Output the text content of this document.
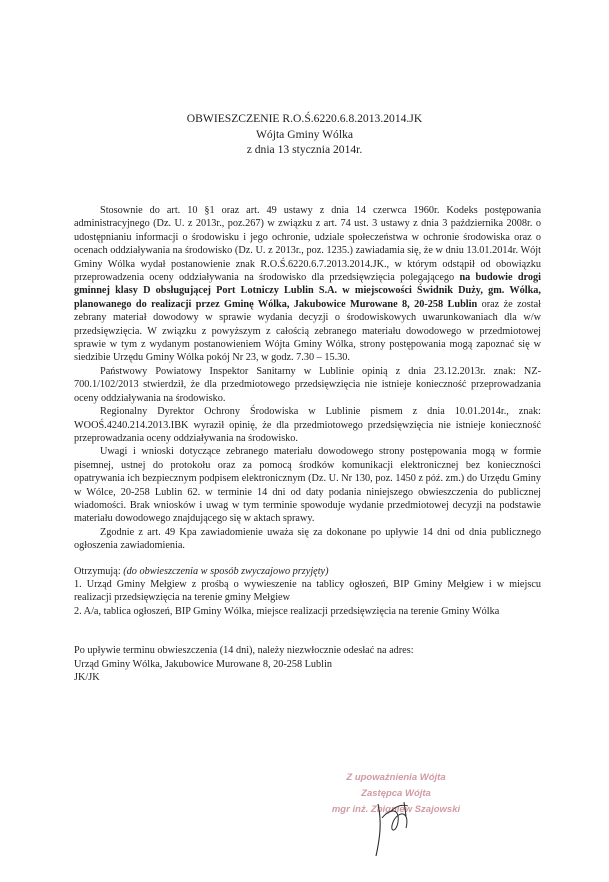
OBWIESZCZENIE R.O.Ś.6220.6.8.2013.2014.JK
Wójta Gminy Wólka
z dnia 13 stycznia 2014r.

Stosownie do art. 10 §1 oraz art. 49 ustawy z dnia 14 czerwca 1960r. Kodeks postępowania administracyjnego (Dz. U. z 2013r., poz.267) w związku z art. 74 ust. 3 ustawy z dnia 3 października 2008r. o udostępnianiu informacji o środowisku i jego ochronie, udziale społeczeństwa w ochronie środowiska oraz o ocenach oddziaływania na środowisko (Dz. U. z 2013r., poz. 1235.) zawiadamia się, że w dniu 13.01.2014r. Wójt Gminy Wólka wydał postanowienie znak R.O.Ś.6220.6.7.2013.2014.JK., w którym odstąpił od obowiązku przeprowadzenia oceny oddziaływania na środowisko dla przedsięwzięcia polegającego na budowie drogi gminnej klasy D obsługującej Port Lotniczy Lublin S.A. w miejscowości Świdnik Duży, gm. Wólka, planowanego do realizacji przez Gminę Wólka, Jakubowice Murowane 8, 20-258 Lublin oraz że został zebrany materiał dowodowy w sprawie wydania decyzji o środowiskowych uwarunkowaniach dla w/w przedsięwzięcia. W związku z powyższym z całością zebranego materiału dowodowego w przedmiotowej sprawie w tym z wydanym postanowieniem Wójta Gminy Wólka, strony postępowania mogą zapoznać się w siedzibie Urzędu Gminy Wólka pokój Nr 23, w godz. 7.30 – 15.30.

Państwowy Powiatowy Inspektor Sanitarny w Lublinie opinią z dnia 23.12.2013r. znak: NZ-700.1/102/2013 stwierdził, że dla przedmiotowego przedsięwzięcia nie istnieje konieczność przeprowadzania oceny oddziaływania na środowisko.

Regionalny Dyrektor Ochrony Środowiska w Lublinie pismem z dnia 10.01.2014r., znak: WOOŚ.4240.214.2013.IBK wyraził opinię, że dla przedmiotowego przedsięwzięcia nie istnieje konieczność przeprowadzania oceny oddziaływania na środowisko.

Uwagi i wnioski dotyczące zebranego materiału dowodowego strony postępowania mogą w formie pisemnej, ustnej do protokołu oraz za pomocą środków komunikacji elektronicznej bez konieczności opatrywania ich bezpiecznym podpisem elektronicznym (Dz. U. Nr 130, poz. 1450 z póź. zm.) do Urzędu Gminy w Wólce, 20-258 Lublin 62. w terminie 14 dni od daty podania niniejszego obwieszczenia do publicznej wiadomości. Brak wniosków i uwag w tym terminie spowoduje wydanie przedmiotowej decyzji na podstawie materiału dowodowego znajdującego się w aktach sprawy.

Zgodnie z art. 49 Kpa zawiadomienie uważa się za dokonane po upływie 14 dni od dnia publicznego ogłoszenia zawiadomienia.

Otrzymują: (do obwieszczenia w sposób zwyczajowo przyjęty)
1. Urząd Gminy Mełgiew z prośbą o wywieszenie na tablicy ogłoszeń, BIP Gminy Mełgiew i w miejscu realizacji przedsięwzięcia na terenie gminy Mełgiew
2. A/a, tablica ogłoszeń, BIP Gminy Wólka, miejsce realizacji przedsięwzięcia na terenie Gminy Wólka

Po upływie terminu obwieszczenia (14 dni), należy niezwłocznie odesłać na adres:
Urząd Gminy Wólka, Jakubowice Murowane 8, 20-258 Lublin
JK/JK

Z upoważnienia Wójta
Zastępca Wójta
mgr inż. Zbigniew Szajowski
